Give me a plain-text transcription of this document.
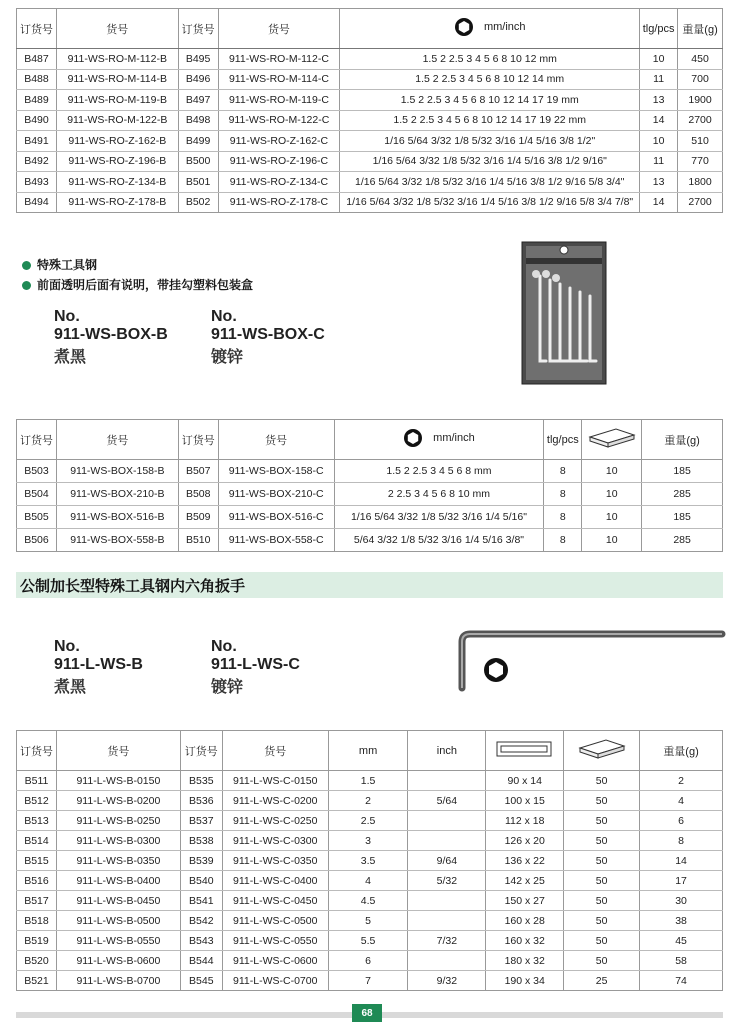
订货号	货号	订货号	货号	mm/inch	tlg/pcs	重量(g)
B487	911-WS-RO-M-112-B	B495	911-WS-RO-M-112-C	1.5 2 2.5 3 4 5 6 8 10 12 mm	10	450
B488	911-WS-RO-M-114-B	B496	911-WS-RO-M-114-C	1.5 2 2.5 3 4 5 6 8 10 12 14 mm	11	700
B489	911-WS-RO-M-119-B	B497	911-WS-RO-M-119-C	1.5 2 2.5 3 4 5 6 8 10 12 14 17 19 mm	13	1900
B490	911-WS-RO-M-122-B	B498	911-WS-RO-M-122-C	1.5 2 2.5 3 4 5 6 8 10 12 14 17 19 22 mm	14	2700
B491	911-WS-RO-Z-162-B	B499	911-WS-RO-Z-162-C	1/16 5/64 3/32 1/8 5/32 3/16 1/4 5/16 3/8 1/2"	10	510
B492	911-WS-RO-Z-196-B	B500	911-WS-RO-Z-196-C	1/16 5/64 3/32 1/8 5/32 3/16 1/4 5/16 3/8 1/2 9/16"	11	770
B493	911-WS-RO-Z-134-B	B501	911-WS-RO-Z-134-C	1/16 5/64 3/32 1/8 5/32 3/16 1/4 5/16 3/8 1/2 9/16 5/8 3/4"	13	1800
B494	911-WS-RO-Z-178-B	B502	911-WS-RO-Z-178-C	1/16 5/64 3/32 1/8 5/32 3/16 1/4 5/16 3/8 1/2 9/16 5/8 3/4 7/8"	14	2700
特殊工具钢
前面透明后面有说明，带挂勾塑料包装盒
No.
911-WS-BOX-B
煮黑
No.
911-WS-BOX-C
镀锌
订货号	货号	订货号	货号	mm/inch	tlg/pcs		重量(g)
B503	911-WS-BOX-158-B	B507	911-WS-BOX-158-C	1.5 2 2.5 3 4 5 6 8 mm	8	10	185
B504	911-WS-BOX-210-B	B508	911-WS-BOX-210-C	2 2.5 3 4 5 6 8 10 mm	8	10	285
B505	911-WS-BOX-516-B	B509	911-WS-BOX-516-C	1/16 5/64 3/32 1/8 5/32 3/16 1/4 5/16"	8	10	185
B506	911-WS-BOX-558-B	B510	911-WS-BOX-558-C	5/64 3/32 1/8 5/32 3/16 1/4 5/16 3/8"	8	10	285
公制加长型特殊工具钢内六角扳手
No.
911-L-WS-B
煮黑
No.
911-L-WS-C
镀锌
订货号	货号	订货号	货号	mm	inch			重量(g)
B511	911-L-WS-B-0150	B535	911-L-WS-C-0150	1.5		90 x 14	50	2
B512	911-L-WS-B-0200	B536	911-L-WS-C-0200	2	5/64	100 x 15	50	4
B513	911-L-WS-B-0250	B537	911-L-WS-C-0250	2.5		112 x 18	50	6
B514	911-L-WS-B-0300	B538	911-L-WS-C-0300	3		126 x 20	50	8
B515	911-L-WS-B-0350	B539	911-L-WS-C-0350	3.5	9/64	136 x 22	50	14
B516	911-L-WS-B-0400	B540	911-L-WS-C-0400	4	5/32	142 x 25	50	17
B517	911-L-WS-B-0450	B541	911-L-WS-C-0450	4.5		150 x 27	50	30
B518	911-L-WS-B-0500	B542	911-L-WS-C-0500	5		160 x 28	50	38
B519	911-L-WS-B-0550	B543	911-L-WS-C-0550	5.5	7/32	160 x 32	50	45
B520	911-L-WS-B-0600	B544	911-L-WS-C-0600	6		180 x 32	50	58
B521	911-L-WS-B-0700	B545	911-L-WS-C-0700	7	9/32	190 x 34	25	74
68
